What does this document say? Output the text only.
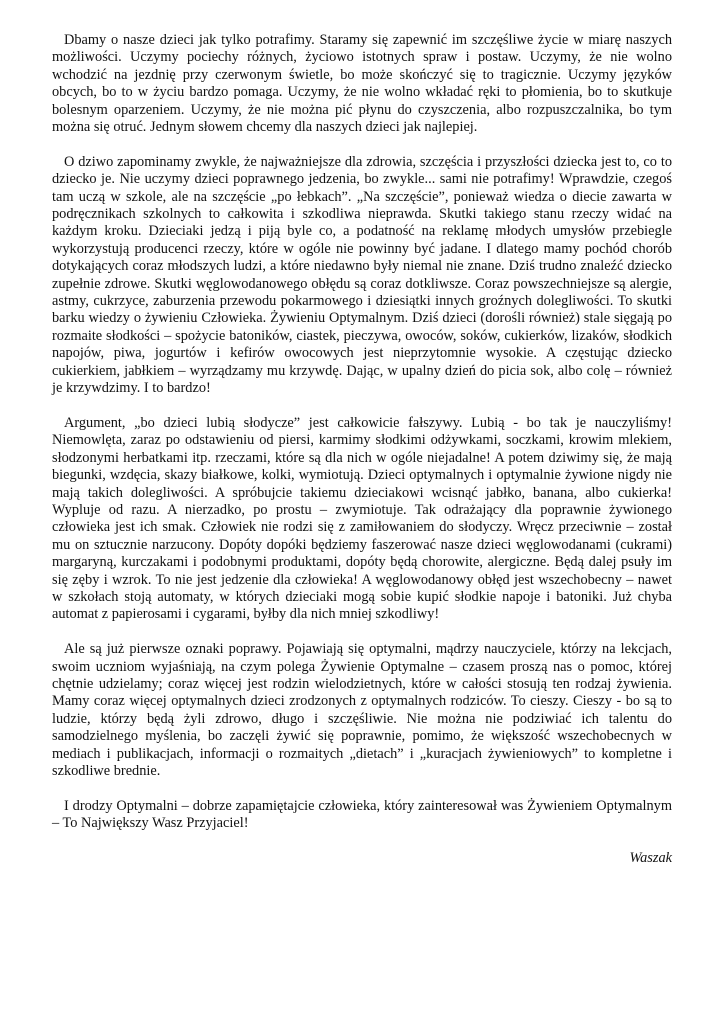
Dbamy o nasze dzieci jak tylko potrafimy. Staramy się zapewnić im szczęśliwe życie w miarę naszych możliwości. Uczymy pociechy różnych, życiowo istotnych spraw i postaw. Uczymy, że nie wolno wchodzić na jezdnię przy czerwonym świetle, bo może skończyć się to tragicznie. Uczymy języków obcych, bo to w życiu bardzo pomaga. Uczymy, że nie wolno wkładać ręki to płomienia, bo to skutkuje bolesnym oparzeniem. Uczymy, że nie można pić płynu do czyszczenia, albo rozpuszczalnika, bo tym można się otruć. Jednym słowem chcemy dla naszych dzieci jak najlepiej.

O dziwo zapominamy zwykle, że najważniejsze dla zdrowia, szczęścia i przyszłości dziecka jest to, co to dziecko je. Nie uczymy dzieci poprawnego jedzenia, bo zwykle... sami nie potrafimy! Wprawdzie, czegoś tam uczą w szkole, ale na szczęście „po łebkach”. „Na szczęście”, ponieważ wiedza o diecie zawarta w podręcznikach szkolnych to całkowita i szkodliwa nieprawda. Skutki takiego stanu rzeczy widać na każdym kroku. Dzieciaki jedzą i piją byle co, a podatność na reklamę młodych umysłów przebiegle wykorzystują producenci rzeczy, które w ogóle nie powinny być jadane. I dlatego mamy pochód chorób dotykających coraz młodszych ludzi, a które niedawno były niemal nie znane. Dziś trudno znaleźć dziecko zupełnie zdrowe. Skutki węglowodanowego obłędu są coraz dotkliwsze. Coraz powszechniejsze są alergie, astmy, cukrzyce, zaburzenia przewodu pokarmowego i dziesiątki innych groźnych dolegliwości. To skutki barku wiedzy o żywieniu Człowieka. Żywieniu Optymalnym. Dziś dzieci (dorośli również) stale sięgają po rozmaite słodkości – spożycie batoników, ciastek, pieczywa, owoców, soków, cukierków, lizaków, słodkich napojów, piwa, jogurtów i kefirów owocowych jest nieprzytomnie wysokie. A częstując dziecko cukierkiem, jabłkiem – wyrządzamy mu krzywdę. Dając, w upalny dzień do picia sok, albo colę – również je krzywdzimy. I to bardzo!

Argument, „bo dzieci lubią słodycze” jest całkowicie fałszywy. Lubią - bo tak je nauczyliśmy! Niemowlęta, zaraz po odstawieniu od piersi, karmimy słodkimi odżywkami, soczkami, krowim mlekiem, słodzonymi herbatkami itp. rzeczami, które są dla nich w ogóle niejadalne! A potem dziwimy się, że mają biegunki, wzdęcia, skazy białkowe, kolki, wymiotują. Dzieci optymalnych i optymalnie żywione nigdy nie mają takich dolegliwości. A spróbujcie takiemu dzieciakowi wcisnąć jabłko, banana, albo cukierka! Wypluje od razu. A nierzadko, po prostu – zwymiotuje. Tak odrażający dla poprawnie żywionego człowieka jest ich smak. Człowiek nie rodzi się z zamiłowaniem do słodyczy. Wręcz przeciwnie – został mu on sztucznie narzucony. Dopóty dopóki będziemy faszerować nasze dzieci węglowodanami (cukrami) margaryną, kurczakami i podobnymi produktami, dopóty będą chorowite, alergiczne. Będą dalej psuły im się zęby i wzrok. To nie jest jedzenie dla człowieka! A węglowodanowy obłęd jest wszechobecny – nawet w szkołach stoją automaty, w których dzieciaki mogą sobie kupić słodkie napoje i batoniki. Już chyba automat z papierosami i cygarami, byłby dla nich mniej szkodliwy!

Ale są już pierwsze oznaki poprawy. Pojawiają się optymalni, mądrzy nauczyciele, którzy na lekcjach, swoim uczniom wyjaśniają, na czym polega Żywienie Optymalne – czasem proszą nas o pomoc, której chętnie udzielamy; coraz więcej jest rodzin wielodzietnych, które w całości stosują ten rodzaj żywienia. Mamy coraz więcej optymalnych dzieci zrodzonych z optymalnych rodziców. To cieszy. Cieszy - bo są to ludzie, którzy będą żyli zdrowo, długo i szczęśliwie. Nie można nie podziwiać ich talentu do samodzielnego myślenia, bo zaczęli żywić się poprawnie, pomimo, że większość wszechobecnych w mediach i publikacjach, informacji o rozmaitych „dietach” i „kuracjach żywieniowych” to kompletne i szkodliwe brednie.

I drodzy Optymalni – dobrze zapamiętajcie człowieka, który zainteresował was Żywieniem Optymalnym – To Największy Wasz Przyjaciel!

Waszak
